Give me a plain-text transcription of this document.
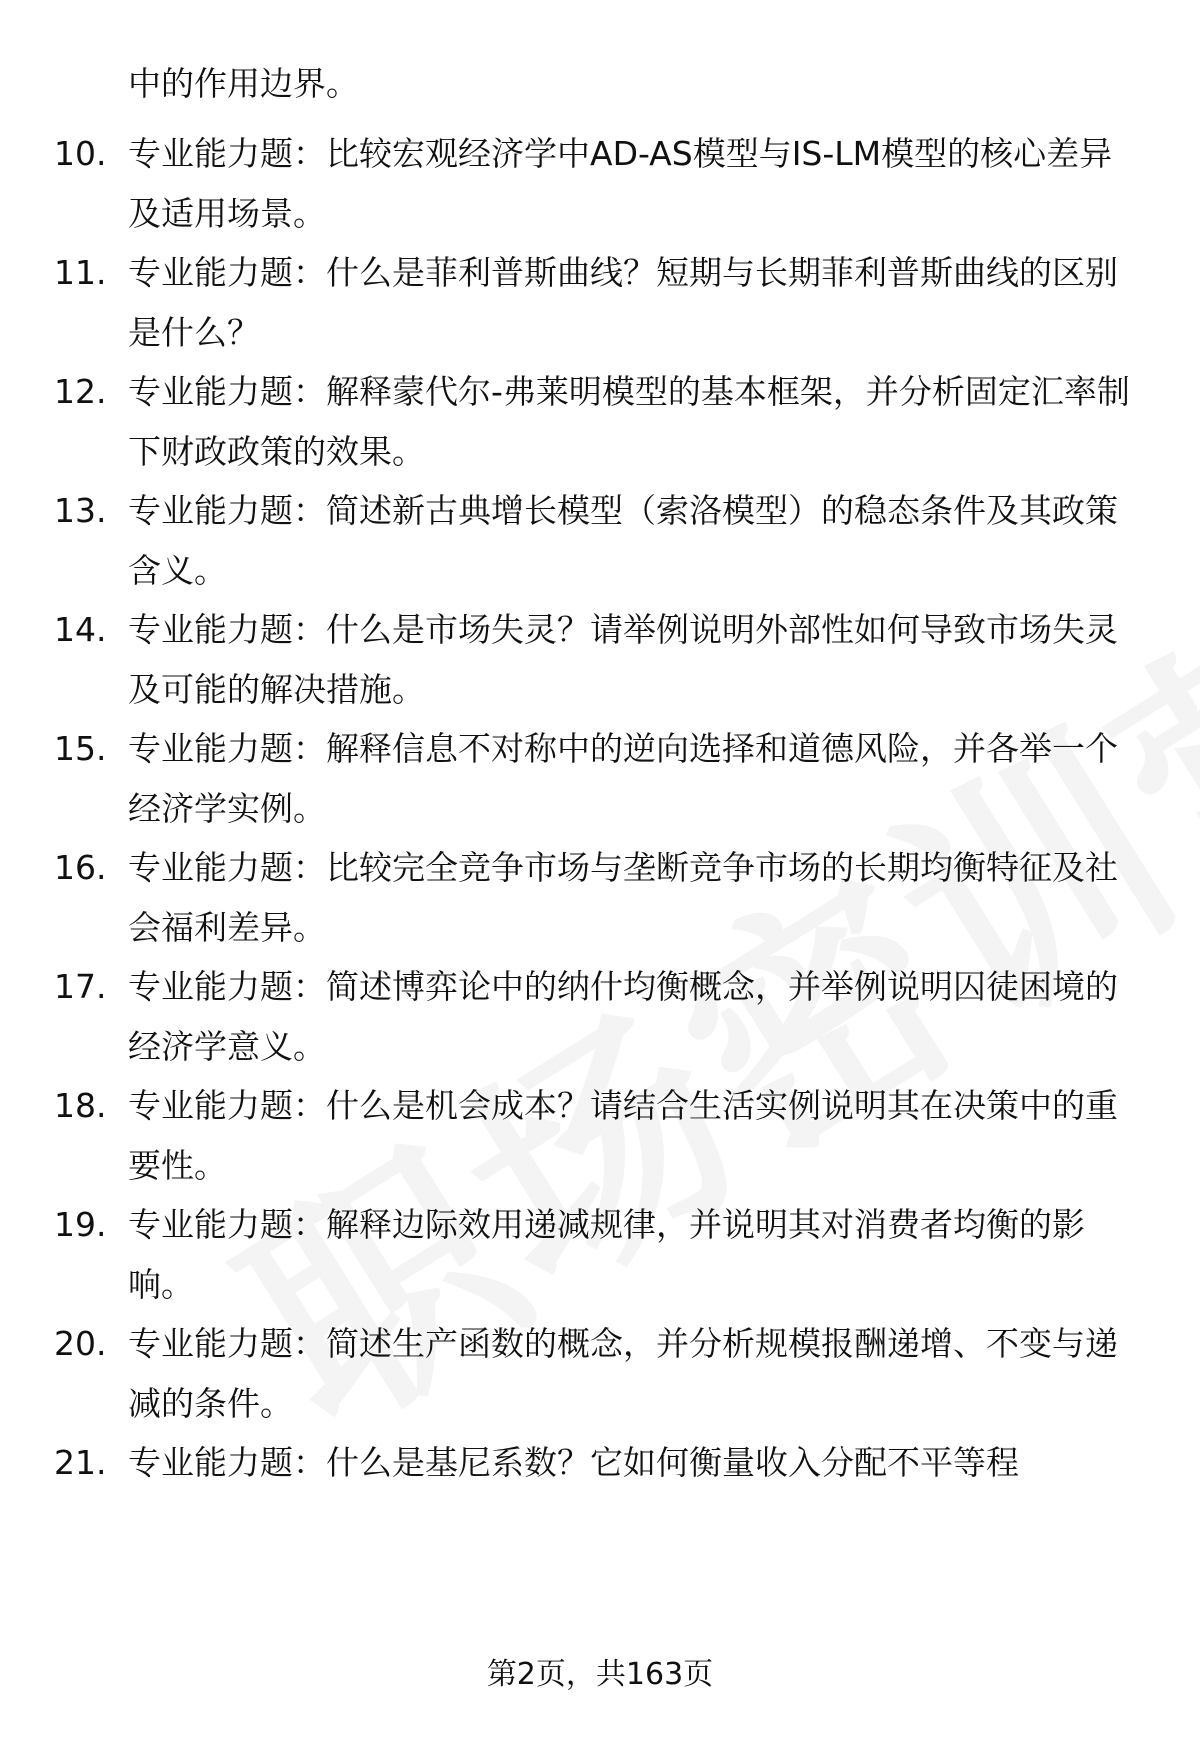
中的作用边界。
10. 专业能力题：比较宏观经济学中AD-AS模型与IS-LM模型的核心差异及适用场景。
11. 专业能力题：什么是菲利普斯曲线？短期与长期菲利普斯曲线的区别是什么？
12. 专业能力题：解释蒙代尔-弗莱明模型的基本框架，并分析固定汇率制下财政政策的效果。
13. 专业能力题：简述新古典增长模型（索洛模型）的稳态条件及其政策含义。
14. 专业能力题：什么是市场失灵？请举例说明外部性如何导致市场失灵及可能的解决措施。
15. 专业能力题：解释信息不对称中的逆向选择和道德风险，并各举一个经济学实例。
16. 专业能力题：比较完全竞争市场与垄断竞争市场的长期均衡特征及社会福利差异。
17. 专业能力题：简述博弈论中的纳什均衡概念，并举例说明囚徒困境的经济学意义。
18. 专业能力题：什么是机会成本？请结合生活实例说明其在决策中的重要性。
19. 专业能力题：解释边际效用递减规律，并说明其对消费者均衡的影响。
20. 专业能力题：简述生产函数的概念，并分析规模报酬递增、不变与递减的条件。
21. 专业能力题：什么是基尼系数？它如何衡量收入分配不平等程
第2页，共163页
